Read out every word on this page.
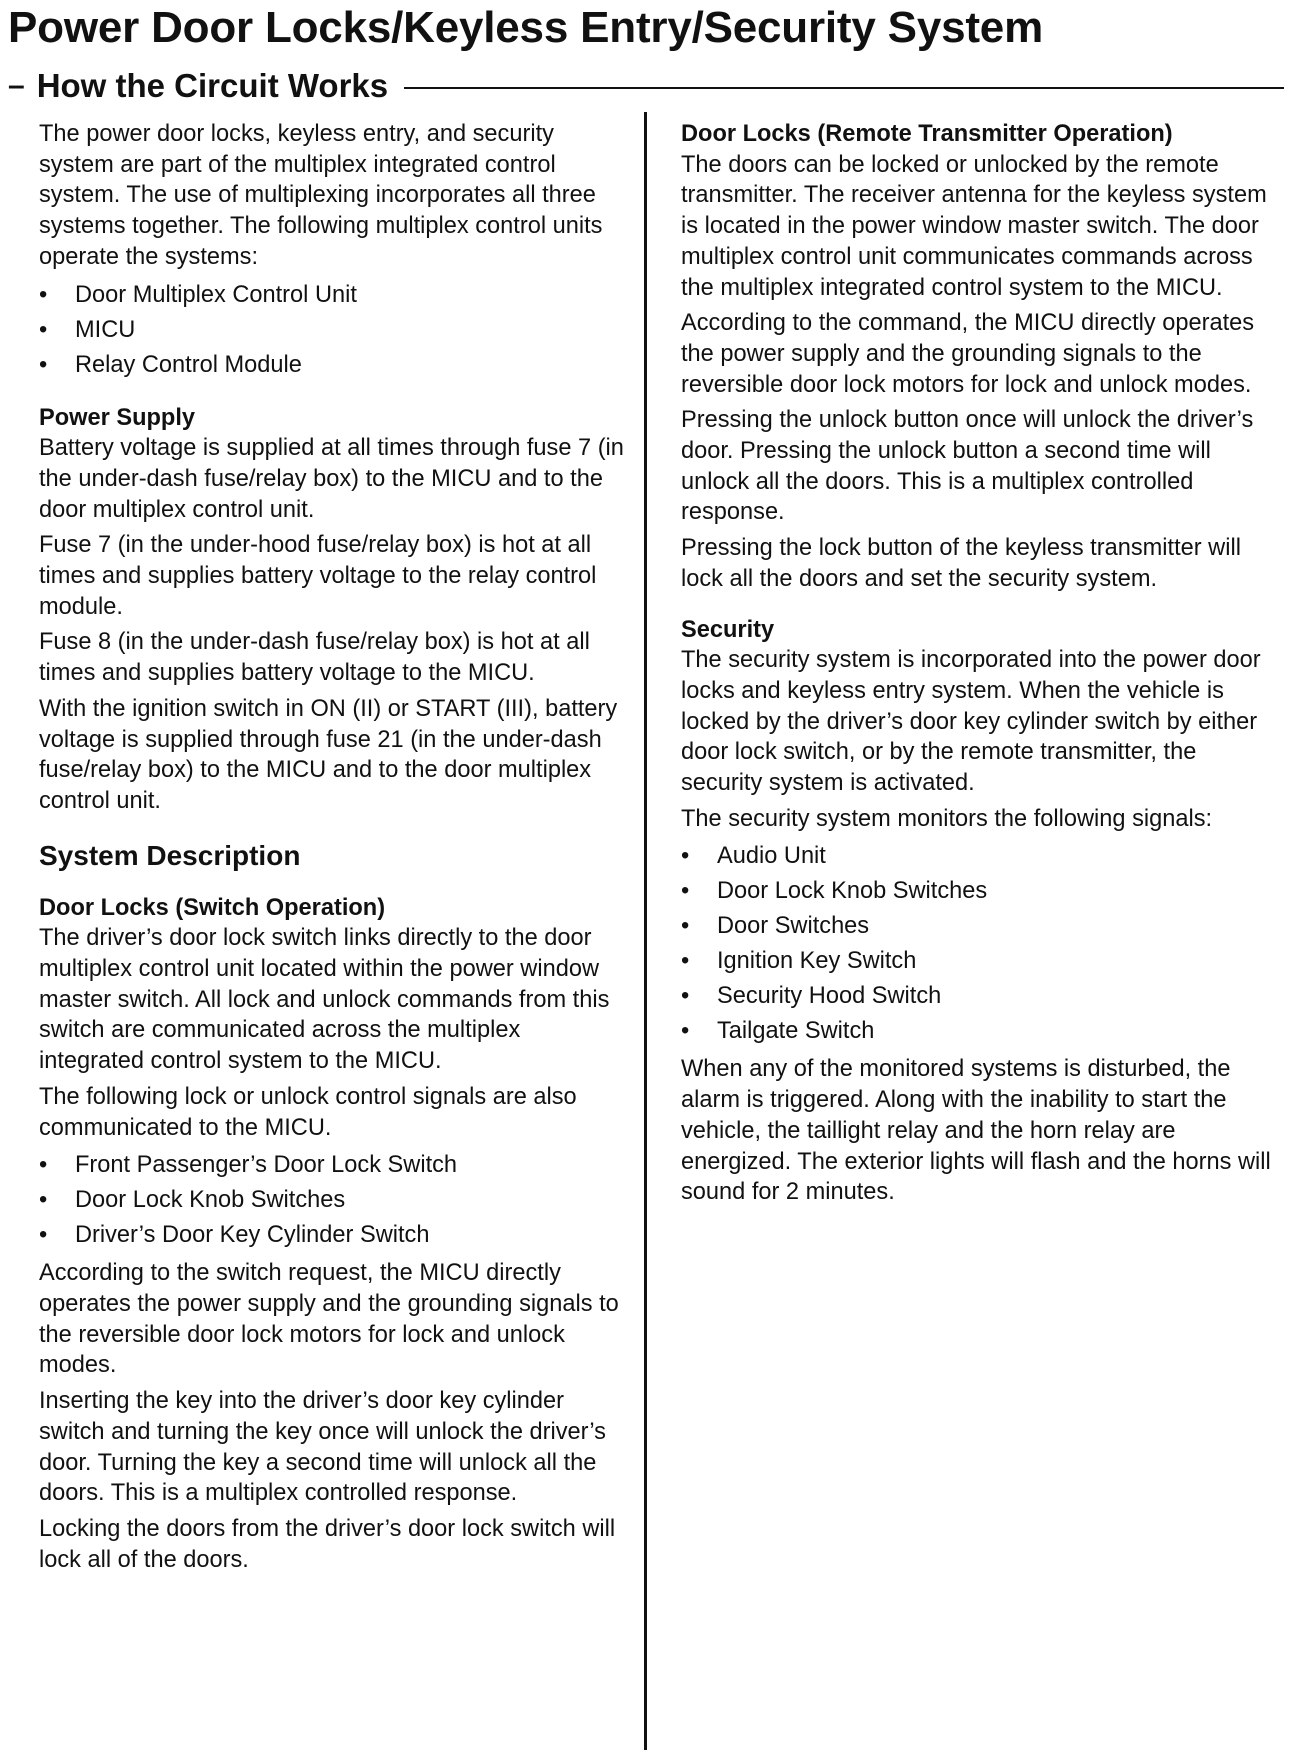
Power Door Locks/Keyless Entry/Security System
– How the Circuit Works

The power door locks, keyless entry, and security system are part of the multiplex integrated control system. The use of multiplexing incorporates all three systems together. The following multiplex control units operate the systems:

•	Door Multiplex Control Unit
•	MICU
•	Relay Control Module
Power Supply

Battery voltage is supplied at all times through fuse 7 (in the under-dash fuse/relay box) to the MICU and to the door multiplex control unit.

Fuse 7 (in the under-hood fuse/relay box) is hot at all times and supplies battery voltage to the relay control module.

Fuse 8 (in the under-dash fuse/relay box) is hot at all times and supplies battery voltage to the MICU.

With the ignition switch in ON (II) or START (III), battery voltage is supplied through fuse 21 (in the under-dash fuse/relay box) to the MICU and to the door multiplex control unit.

System Description
Door Locks (Switch Operation)

The driver’s door lock switch links directly to the door multiplex control unit located within the power window master switch. All lock and unlock commands from this switch are communicated across the multiplex integrated control system to the MICU.

The following lock or unlock control signals are also communicated to the MICU.

•	Front Passenger’s Door Lock Switch
•	Door Lock Knob Switches
•	Driver’s Door Key Cylinder Switch

According to the switch request, the MICU directly operates the power supply and the grounding signals to the reversible door lock motors for lock and unlock modes.

Inserting the key into the driver’s door key cylinder switch and turning the key once will unlock the driver’s door. Turning the key a second time will unlock all the doors. This is a multiplex controlled response.

Locking the doors from the driver’s door lock switch will lock all of the doors.

Door Locks (Remote Transmitter Operation)

The doors can be locked or unlocked by the remote transmitter. The receiver antenna for the keyless system is located in the power window master switch. The door multiplex control unit communicates commands across the multiplex integrated control system to the MICU.

According to the command, the MICU directly operates the power supply and the grounding signals to the reversible door lock motors for lock and unlock modes.

Pressing the unlock button once will unlock the driver’s door. Pressing the unlock button a second time will unlock all the doors. This is a multiplex controlled response.

Pressing the lock button of the keyless transmitter will lock all the doors and set the security system.

Security

The security system is incorporated into the power door locks and keyless entry system. When the vehicle is locked by the driver’s door key cylinder switch by either door lock switch, or by the remote transmitter, the security system is activated.

The security system monitors the following signals:

•	Audio Unit
•	Door Lock Knob Switches
•	Door Switches
•	Ignition Key Switch
•	Security Hood Switch
•	Tailgate Switch

When any of the monitored systems is disturbed, the alarm is triggered. Along with the inability to start the vehicle, the taillight relay and the horn relay are energized. The exterior lights will flash and the horns will sound for 2 minutes.
